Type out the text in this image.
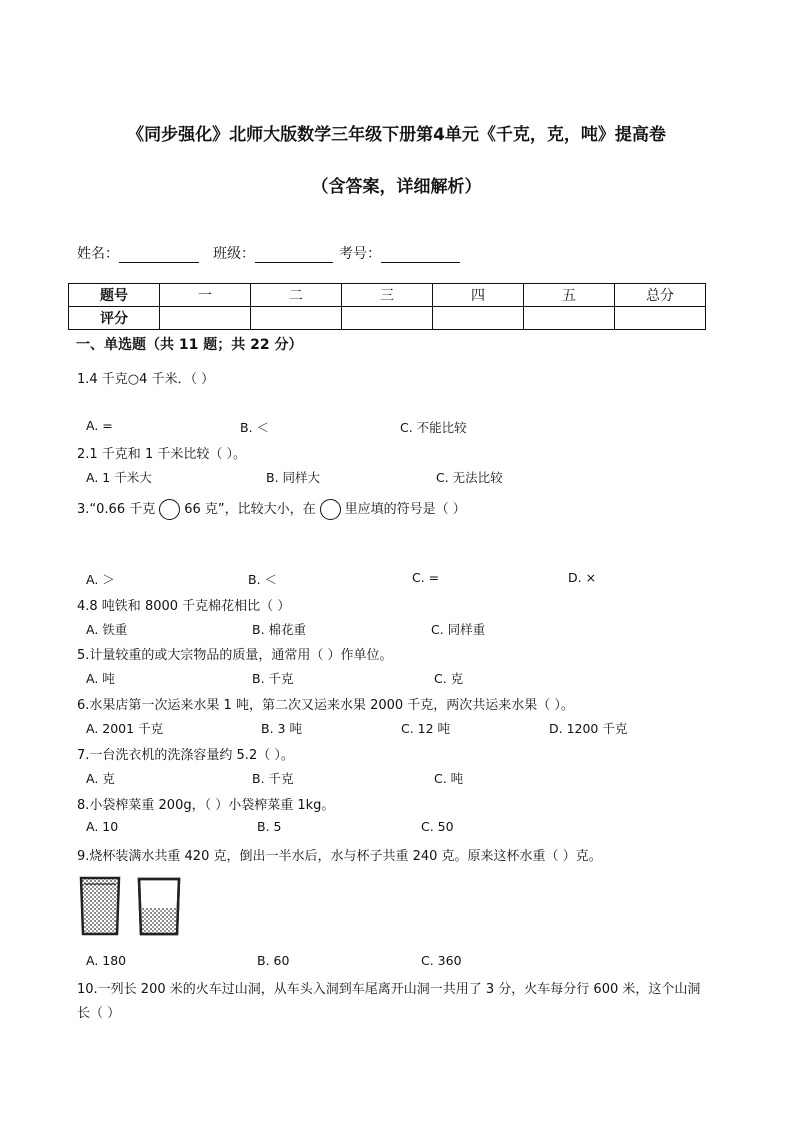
《同步强化》北师大版数学三年级下册第4单元《千克，克，吨》提高卷
（含答案，详细解析）
姓名：	班级：	考号：
题号	一	二	三	四	五	总分
评分						
一、单选题（共 11 题；共 22 分）
1.4 千克○4 千米．（ ）
A. =	B. ＜	C. 不能比较
2.1 千克和 1 千米比较（ ）。
A. 1 千米大	B. 同样大	C. 无法比较
3.“0.66 千克 66 克”，比较大小，在 里应填的符号是（ ）
A. ＞	B. ＜	C. =	D. ×
4.8 吨铁和 8000 千克棉花相比（ ）
A. 铁重	B. 棉花重	C. 同样重
5.计量较重的或大宗物品的质量，通常用（ ）作单位。
A. 吨	B. 千克	C. 克
6.水果店第一次运来水果 1 吨，第二次又运来水果 2000 千克，两次共运来水果（ ）。
A. 2001 千克	B. 3 吨	C. 12 吨	D. 1200 千克
7.一台洗衣机的洗涤容量约 5.2（ ）。
A. 克	B. 千克	C. 吨
8.小袋榨菜重 200g，（ ）小袋榨菜重 1kg。
A. 10	B. 5	C. 50
9.烧杯装满水共重 420 克，倒出一半水后，水与杯子共重 240 克。原来这杯水重（ ）克。
A. 180	B. 60	C. 360
10.一列长 200 米的火车过山洞，从车头入洞到车尾离开山洞一共用了 3 分，火车每分行 600 米，这个山洞
长（ ）
